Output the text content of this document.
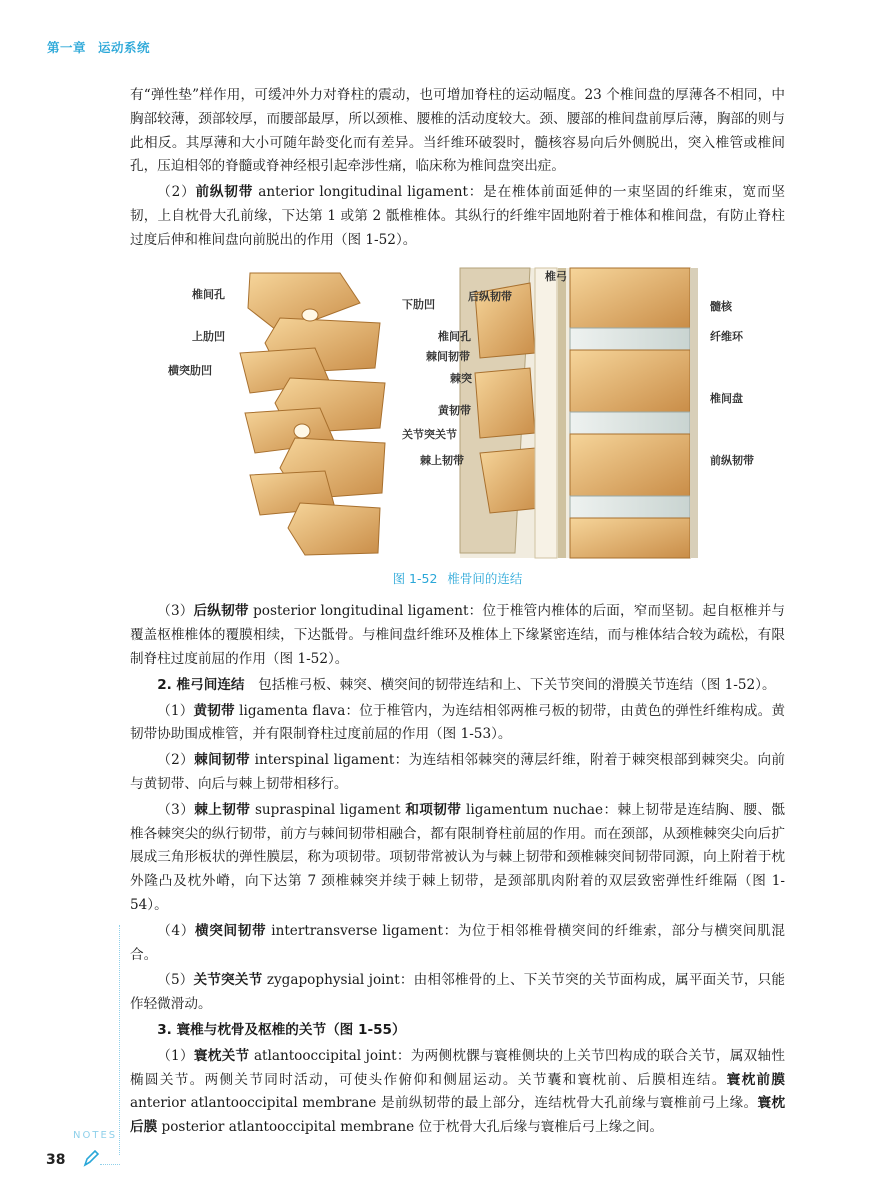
第一章 运动系统

有“弹性垫”样作用，可缓冲外力对脊柱的震动，也可增加脊柱的运动幅度。23 个椎间盘的厚薄各不相同，中胸部较薄，颈部较厚，而腰部最厚，所以颈椎、腰椎的活动度较大。颈、腰部的椎间盘前厚后薄，胸部的则与此相反。其厚薄和大小可随年龄变化而有差异。当纤维环破裂时，髓核容易向后外侧脱出，突入椎管或椎间孔，压迫相邻的脊髓或脊神经根引起牵涉性痛，临床称为椎间盘突出症。

（2）前纵韧带 anterior longitudinal ligament：是在椎体前面延伸的一束坚固的纤维束，宽而坚韧，上自枕骨大孔前缘，下达第 1 或第 2 骶椎椎体。其纵行的纤维牢固地附着于椎体和椎间盘，有防止脊柱过度后伸和椎间盘向前脱出的作用（图 1-52）。

椎间孔
上肋凹
横突肋凹
下肋凹
关节突关节
椎弓
后纵韧带
椎间孔
棘间韧带
棘突
黄韧带
棘上韧带
髓核
纤维环
椎间盘
前纵韧带
图 1-52 椎骨间的连结

（3）后纵韧带 posterior longitudinal ligament：位于椎管内椎体的后面，窄而坚韧。起自枢椎并与覆盖枢椎椎体的覆膜相续，下达骶骨。与椎间盘纤维环及椎体上下缘紧密连结，而与椎体结合较为疏松，有限制脊柱过度前屈的作用（图 1-52）。

2. 椎弓间连结　包括椎弓板、棘突、横突间的韧带连结和上、下关节突间的滑膜关节连结（图 1-52）。

（1）黄韧带 ligamenta flava：位于椎管内，为连结相邻两椎弓板的韧带，由黄色的弹性纤维构成。黄韧带协助围成椎管，并有限制脊柱过度前屈的作用（图 1-53）。

（2）棘间韧带 interspinal ligament：为连结相邻棘突的薄层纤维，附着于棘突根部到棘突尖。向前与黄韧带、向后与棘上韧带相移行。

（3）棘上韧带 supraspinal ligament 和项韧带 ligamentum nuchae：棘上韧带是连结胸、腰、骶椎各棘突尖的纵行韧带，前方与棘间韧带相融合，都有限制脊柱前屈的作用。而在颈部，从颈椎棘突尖向后扩展成三角形板状的弹性膜层，称为项韧带。项韧带常被认为与棘上韧带和颈椎棘突间韧带同源，向上附着于枕外隆凸及枕外嵴，向下达第 7 颈椎棘突并续于棘上韧带，是颈部肌肉附着的双层致密弹性纤维隔（图 1-54）。

（4）横突间韧带 intertransverse ligament：为位于相邻椎骨横突间的纤维索，部分与横突间肌混合。

（5）关节突关节 zygapophysial joint：由相邻椎骨的上、下关节突的关节面构成，属平面关节，只能作轻微滑动。

3. 寰椎与枕骨及枢椎的关节（图 1-55）

（1）寰枕关节 atlantooccipital joint：为两侧枕髁与寰椎侧块的上关节凹构成的联合关节，属双轴性椭圆关节。两侧关节同时活动，可使头作俯仰和侧屈运动。关节囊和寰枕前、后膜相连结。寰枕前膜 anterior atlantooccipital membrane 是前纵韧带的最上部分，连结枕骨大孔前缘与寰椎前弓上缘。寰枕后膜 posterior atlantooccipital membrane 位于枕骨大孔后缘与寰椎后弓上缘之间。

NOTES
38
